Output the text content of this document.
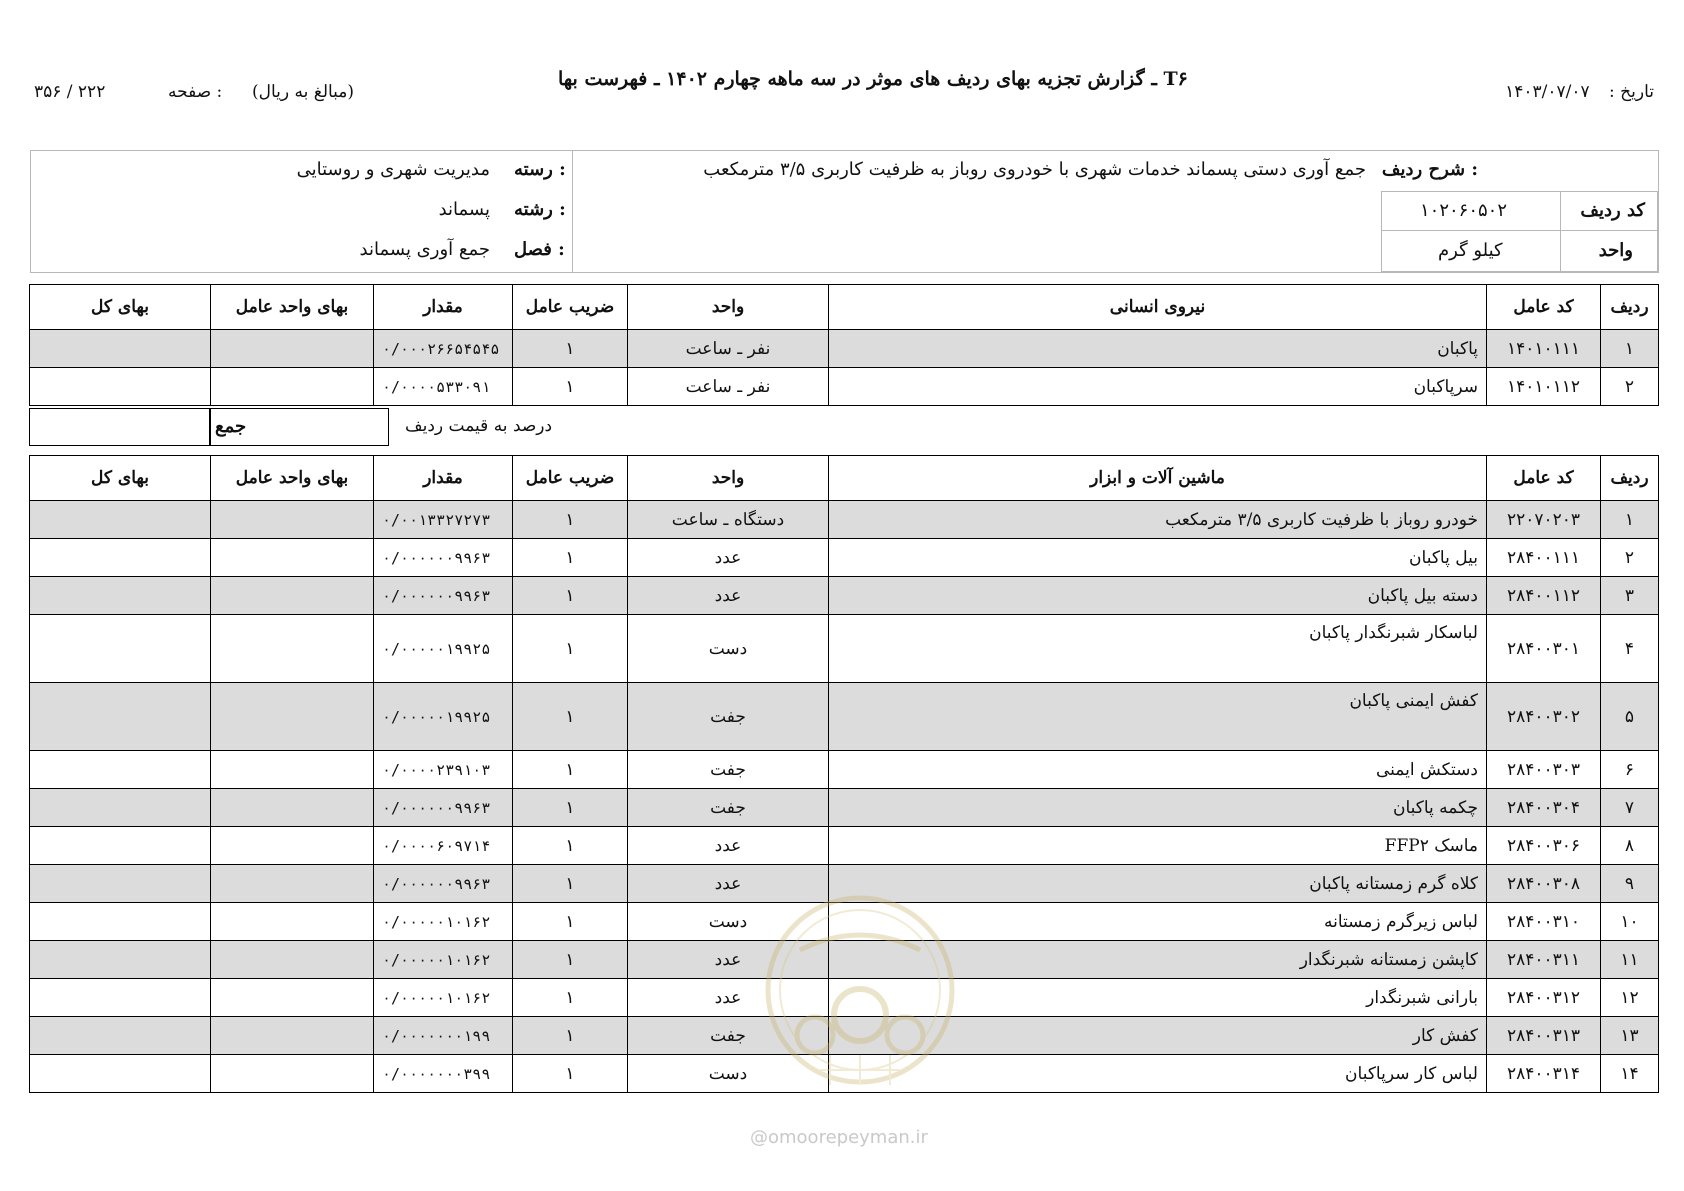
تاریخ : ۱۴۰۳/۰۷/۰۷
T۶ ـ گزارش تجزیه بهای ردیف های موثر در سه ماهه چهارم ۱۴۰۲ ـ فهرست بها
(مبالغ به ریال)
صفحه :
۳۵۶ / ۲۲۲
شرح ردیف :
جمع آوری دستی پسماند خدمات شهری با خودروی روباز به ظرفیت کاربری ۳/۵ مترمکعب
۱۰۲۰۶۰۵۰۲	کد ردیف
کیلو گرم	واحد
رسته :
مدیریت شهری و روستایی
رشته :
پسماند
فصل :
جمع آوری پسماند
ردیف	کد عامل	نیروی انسانی	واحد	ضریب عامل	مقدار	بهای واحد عامل	بهای کل
۱	۱۴۰۱۰۱۱۱	پاکبان	نفر ـ ساعت	۱	۰/۰۰۰۲۶۶۵۴۵۴۵		
۲	۱۴۰۱۰۱۱۲	سرپاکبان	نفر ـ ساعت	۱	۰/۰۰۰۰۵۳۳۰۹۱		
جمع	درصد به قیمت ردیف
ردیف	کد عامل	ماشین آلات و ابزار	واحد	ضریب عامل	مقدار	بهای واحد عامل	بهای کل
۱	۲۲۰۷۰۲۰۳	خودرو روباز با ظرفیت کاربری ۳/۵ مترمکعب	دستگاه ـ ساعت	۱	۰/۰۰۱۳۳۲۷۲۷۳		
۲	۲۸۴۰۰۱۱۱	بیل پاکبان	عدد	۱	۰/۰۰۰۰۰۰۹۹۶۳		
۳	۲۸۴۰۰۱۱۲	دسته بیل پاکبان	عدد	۱	۰/۰۰۰۰۰۰۹۹۶۳		
۴	۲۸۴۰۰۳۰۱	لباسکار شبرنگدار پاکبان	دست	۱	۰/۰۰۰۰۰۱۹۹۲۵		
۵	۲۸۴۰۰۳۰۲	کفش ایمنی پاکبان	جفت	۱	۰/۰۰۰۰۰۱۹۹۲۵		
۶	۲۸۴۰۰۳۰۳	دستکش ایمنی	جفت	۱	۰/۰۰۰۰۲۳۹۱۰۳		
۷	۲۸۴۰۰۳۰۴	چکمه پاکبان	جفت	۱	۰/۰۰۰۰۰۰۹۹۶۳		
۸	۲۸۴۰۰۳۰۶	ماسک FFP۲	عدد	۱	۰/۰۰۰۰۶۰۹۷۱۴		
۹	۲۸۴۰۰۳۰۸	کلاه گرم زمستانه پاکبان	عدد	۱	۰/۰۰۰۰۰۰۹۹۶۳		
۱۰	۲۸۴۰۰۳۱۰	لباس زیرگرم زمستانه	دست	۱	۰/۰۰۰۰۰۱۰۱۶۲		
۱۱	۲۸۴۰۰۳۱۱	کاپشن زمستانه شبرنگدار	عدد	۱	۰/۰۰۰۰۰۱۰۱۶۲		
۱۲	۲۸۴۰۰۳۱۲	بارانی شبرنگدار	عدد	۱	۰/۰۰۰۰۰۱۰۱۶۲		
۱۳	۲۸۴۰۰۳۱۳	کفش کار	جفت	۱	۰/۰۰۰۰۰۰۰۱۹۹		
۱۴	۲۸۴۰۰۳۱۴	لباس کار سرپاکبان	دست	۱	۰/۰۰۰۰۰۰۰۳۹۹		
@omoorepeyman.ir
